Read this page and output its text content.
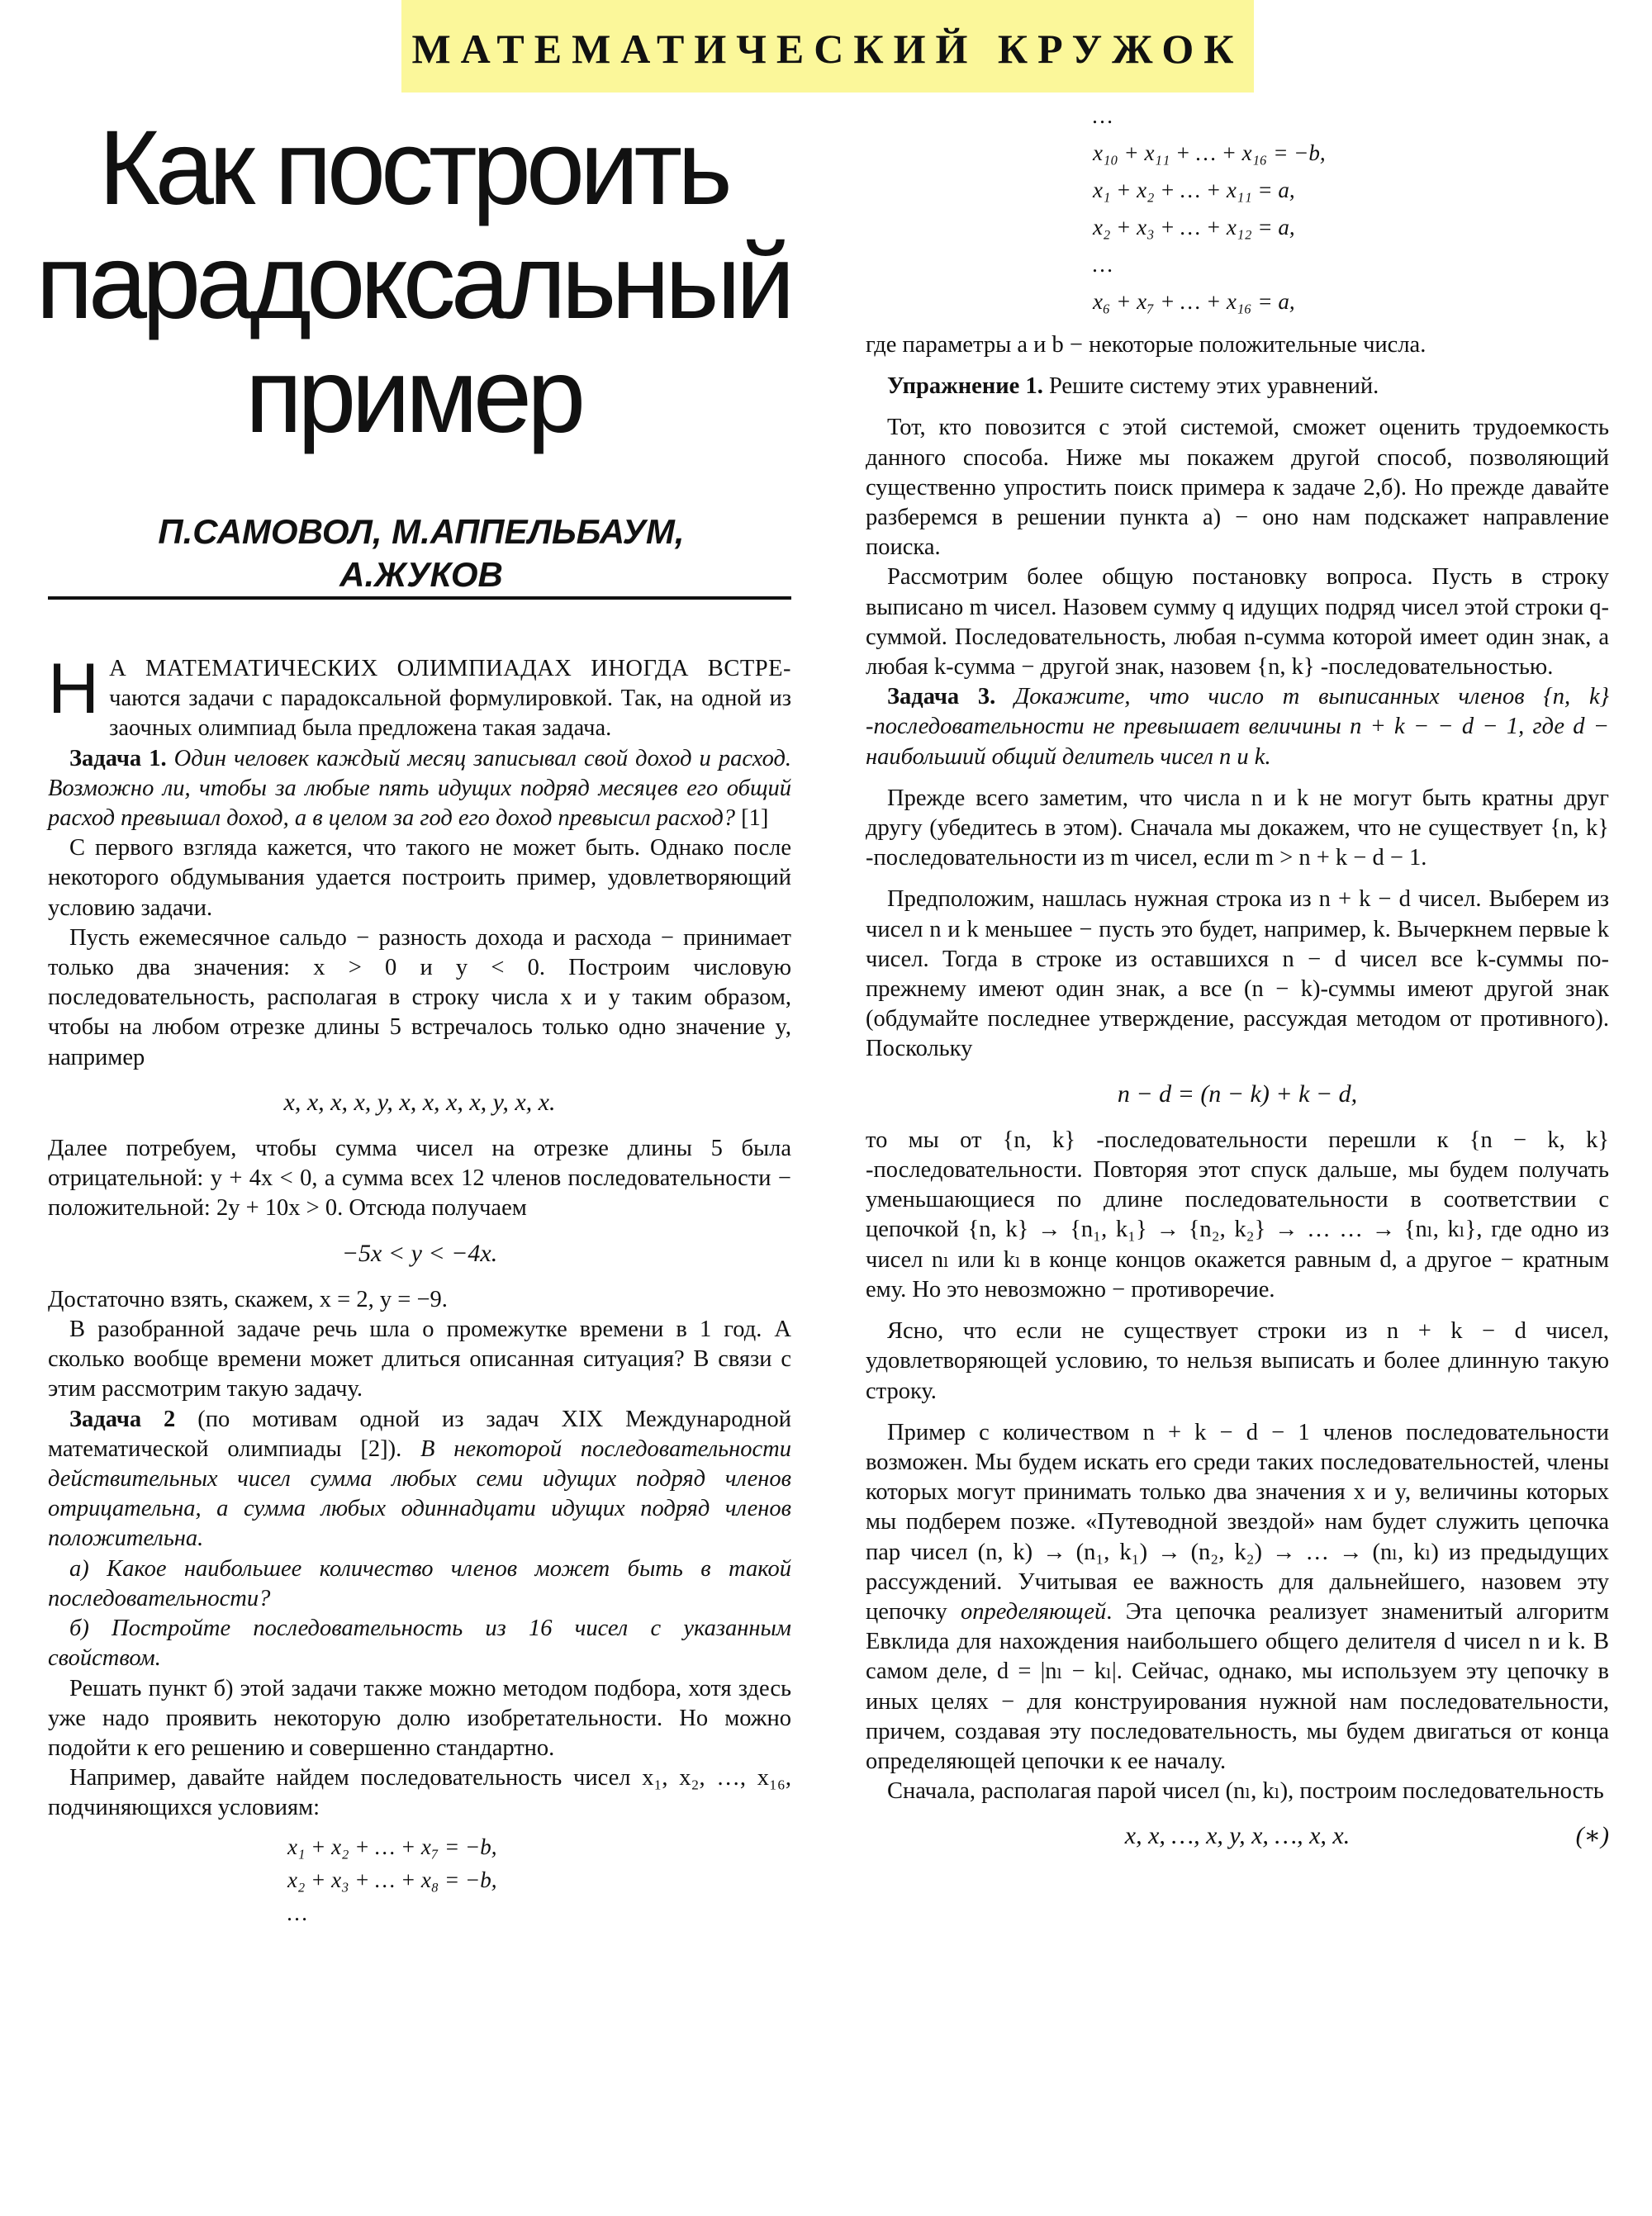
МАТЕМАТИЧЕСКИЙ КРУЖОК
Как построить
парадоксальный
пример
П.САМОВОЛ, М.АППЕЛЬБАУМ,
А.ЖУКОВ

Н А МАТЕМАТИЧЕСКИХ ОЛИМПИАДАХ ИНОГДА ВСТРЕ- чаются задачи с парадоксальной формулировкой. Так, на одной из заочных олимпиад была предложена такая задача.

Задача 1. Один человек каждый месяц записывал свой доход и расход. Возможно ли, чтобы за любые пять идущих подряд месяцев его общий расход превышал доход, а в целом за год его доход превысил расход? [1]

С первого взгляда кажется, что такого не может быть. Однако после некоторого обдумывания удается построить пример, удовлетворяющий условию задачи.

Пусть ежемесячное сальдо − разность дохода и расхода − принимает только два значения: x > 0 и y < 0. Построим числовую последовательность, располагая в строку числа x и y таким образом, чтобы на любом отрезке длины 5 встречалось только одно значение y, например

x, x, x, x, y, x, x, x, x, y, x, x.

Далее потребуем, чтобы сумма чисел на отрезке длины 5 была отрицательной: y + 4x < 0, а сумма всех 12 членов последовательности − положительной: 2y + 10x > 0. Отсюда получаем

−5x < y < −4x.

Достаточно взять, скажем, x = 2, y = −9.

В разобранной задаче речь шла о промежутке времени в 1 год. А сколько вообще времени может длиться описанная ситуация? В связи с этим рассмотрим такую задачу.

Задача 2 (по мотивам одной из задач XIX Международной математической олимпиады [2]). В некоторой последовательности действительных чисел сумма любых семи идущих подряд членов отрицательна, а сумма любых одиннадцати идущих подряд членов положительна.

а) Какое наибольшее количество членов может быть в такой последовательности?

б) Постройте последовательность из 16 чисел с указанным свойством.

Решать пункт б) этой задачи также можно методом подбора, хотя здесь уже надо проявить некоторую долю изобретательности. Но можно подойти к его решению и совершенно стандартно.

Например, давайте найдем последовательность чисел x₁, x₂, …, x₁₆, подчиняющихся условиям:

x₁ + x₂ + … + x₇ = −b,
x₂ + x₃ + … + x₈ = −b,
…
…
x₁₀ + x₁₁ + … + x₁₆ = −b,
x₁ + x₂ + … + x₁₁ = a,
x₂ + x₃ + … + x₁₂ = a,
…
x₆ + x₇ + … + x₁₆ = a,

где параметры a и b − некоторые положительные числа.

Упражнение 1. Решите систему этих уравнений.

Тот, кто повозится с этой системой, сможет оценить трудоемкость данного способа. Ниже мы покажем другой способ, позволяющий существенно упростить поиск примера к задаче 2,б). Но прежде давайте разберемся в решении пункта а) − оно нам подскажет направление поиска.

Рассмотрим более общую постановку вопроса. Пусть в строку выписано m чисел. Назовем сумму q идущих подряд чисел этой строки q-суммой. Последовательность, любая n-сумма которой имеет один знак, а любая k-сумма − другой знак, назовем {n, k} -последовательностью.

Задача 3. Докажите, что число m выписанных членов {n, k} -последовательности не превышает величины n + k − − d − 1, где d − наибольший общий делитель чисел n и k.

Прежде всего заметим, что числа n и k не могут быть кратны друг другу (убедитесь в этом). Сначала мы докажем, что не существует {n, k} -последовательности из m чисел, если m > n + k − d − 1.

Предположим, нашлась нужная строка из n + k − d чисел. Выберем из чисел n и k меньшее − пусть это будет, например, k. Вычеркнем первые k чисел. Тогда в строке из оставшихся n − d чисел все k-суммы по-прежнему имеют один знак, а все (n − k)-суммы имеют другой знак (обдумайте последнее утверждение, рассуждая методом от противного). Поскольку

n − d = (n − k) + k − d,

то мы от {n, k} -последовательности перешли к {n − k, k} -последовательности. Повторяя этот спуск дальше, мы будем получать уменьшающиеся по длине последовательности в соответствии с цепочкой {n, k} → {n₁, k₁} → {n₂, k₂} → … … → {nₗ, kₗ}, где одно из чисел nₗ или kₗ в конце концов окажется равным d, а другое − кратным ему. Но это невозможно − противоречие.

Ясно, что если не существует строки из n + k − d чисел, удовлетворяющей условию, то нельзя выписать и более длинную такую строку.

Пример с количеством n + k − d − 1 членов последовательности возможен. Мы будем искать его среди таких последовательностей, члены которых могут принимать только два значения x и y, величины которых мы подберем позже. «Путеводной звездой» нам будет служить цепочка пар чисел (n, k) → (n₁, k₁) → (n₂, k₂) → … → (nₗ, kₗ) из предыдущих рассуждений. Учитывая ее важность для дальнейшего, назовем эту цепочку определяющей. Эта цепочка реализует знаменитый алгоритм Евклида для нахождения наибольшего общего делителя d чисел n и k. В самом деле, d = |nₗ − kₗ|. Сейчас, однако, мы используем эту цепочку в иных целях − для конструирования нужной нам последовательности, причем, создавая эту последовательность, мы будем двигаться от конца определяющей цепочки к ее началу.

Сначала, располагая парой чисел (nₗ, kₗ), построим последовательность

x, x, …, x, y, x, …, x, x.	(∗)
